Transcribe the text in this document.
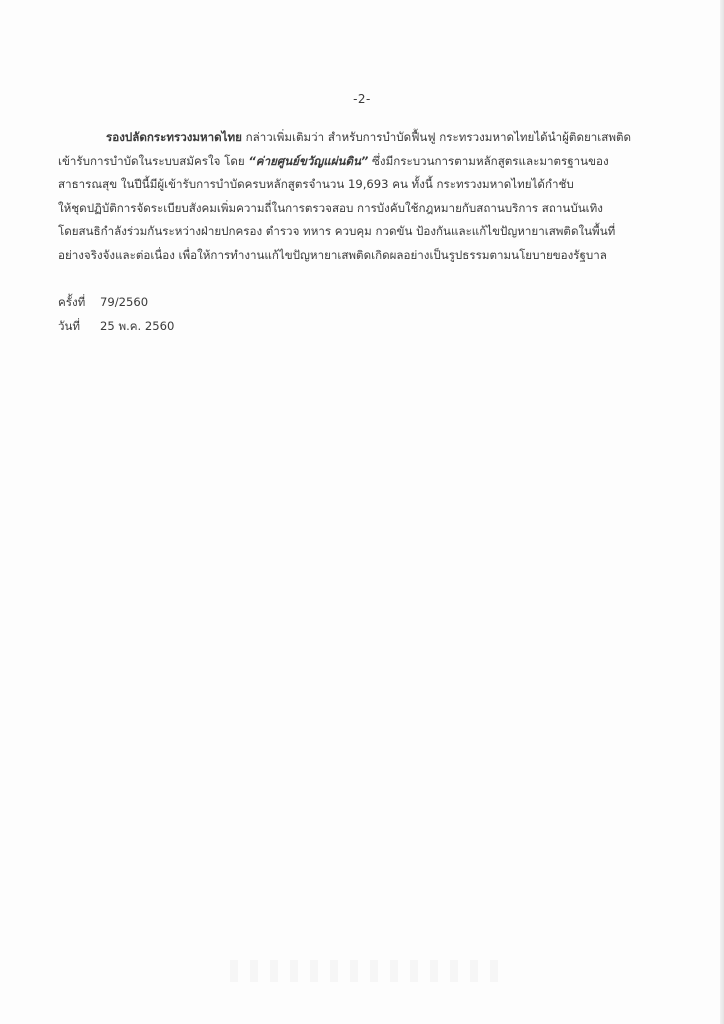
-2-
รองปลัดกระทรวงมหาดไทย กล่าวเพิ่มเติมว่า สำหรับการบำบัดฟื้นฟู กระทรวงมหาดไทยได้นำผู้ติดยาเสพติด
เข้ารับการบำบัดในระบบสมัครใจ โดย “ค่ายศูนย์ขวัญแผ่นดิน” ซึ่งมีกระบวนการตามหลักสูตรและมาตรฐานของ
สาธารณสุข ในปีนี้มีผู้เข้ารับการบำบัดครบหลักสูตรจำนวน 19,693 คน ทั้งนี้ กระทรวงมหาดไทยได้กำชับ
ให้ชุดปฏิบัติการจัดระเบียบสังคมเพิ่มความถี่ในการตรวจสอบ การบังคับใช้กฎหมายกับสถานบริการ สถานบันเทิง
โดยสนธิกำลังร่วมกันระหว่างฝ่ายปกครอง ตำรวจ ทหาร ควบคุม กวดขัน ป้องกันและแก้ไขปัญหายาเสพติดในพื้นที่
อย่างจริงจังและต่อเนื่อง เพื่อให้การทำงานแก้ไขปัญหายาเสพติดเกิดผลอย่างเป็นรูปธรรมตามนโยบายของรัฐบาล
ครั้งที่ 79/2560
วันที่ 25 พ.ค. 2560
